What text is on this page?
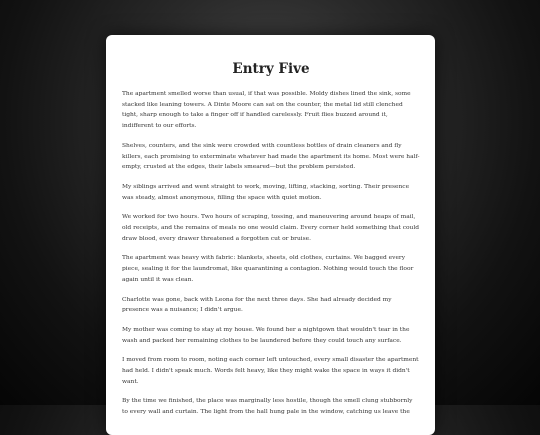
Entry Five

The apartment smelled worse than usual, if that was possible. Moldy dishes lined the sink, some stacked like leaning towers. A Dinte Moore can sat on the counter, the metal lid still clenched tight, sharp enough to take a finger off if handled carelessly. Fruit flies buzzed around it, indifferent to our efforts.

Shelves, counters, and the sink were crowded with countless bottles of drain cleaners and fly killers, each promising to exterminate whatever had made the apartment its home. Most were half-empty, crusted at the edges, their labels smeared—but the problem persisted.

My siblings arrived and went straight to work, moving, lifting, stacking, sorting. Their presence was steady, almost anonymous, filling the space with quiet motion.

We worked for two hours. Two hours of scraping, tossing, and maneuvering around heaps of mail, old receipts, and the remains of meals no one would claim. Every corner held something that could draw blood, every drawer threatened a forgotten cut or bruise.

The apartment was heavy with fabric: blankets, sheets, old clothes, curtains. We bagged every piece, sealing it for the laundromat, like quarantining a contagion. Nothing would touch the floor again until it was clean.

Charlotte was gone, back with Leona for the next three days. She had already decided my presence was a nuisance; I didn't argue.

My mother was coming to stay at my house. We found her a nightgown that wouldn't tear in the wash and packed her remaining clothes to be laundered before they could touch any surface.

I moved from room to room, noting each corner left untouched, every small disaster the apartment had held. I didn't speak much. Words felt heavy, like they might wake the space in ways it didn't want.

By the time we finished, the place was marginally less hostile, though the smell clung stubbornly to every wall and curtain. The light from the hall hung pale in the window, catching us leave the
